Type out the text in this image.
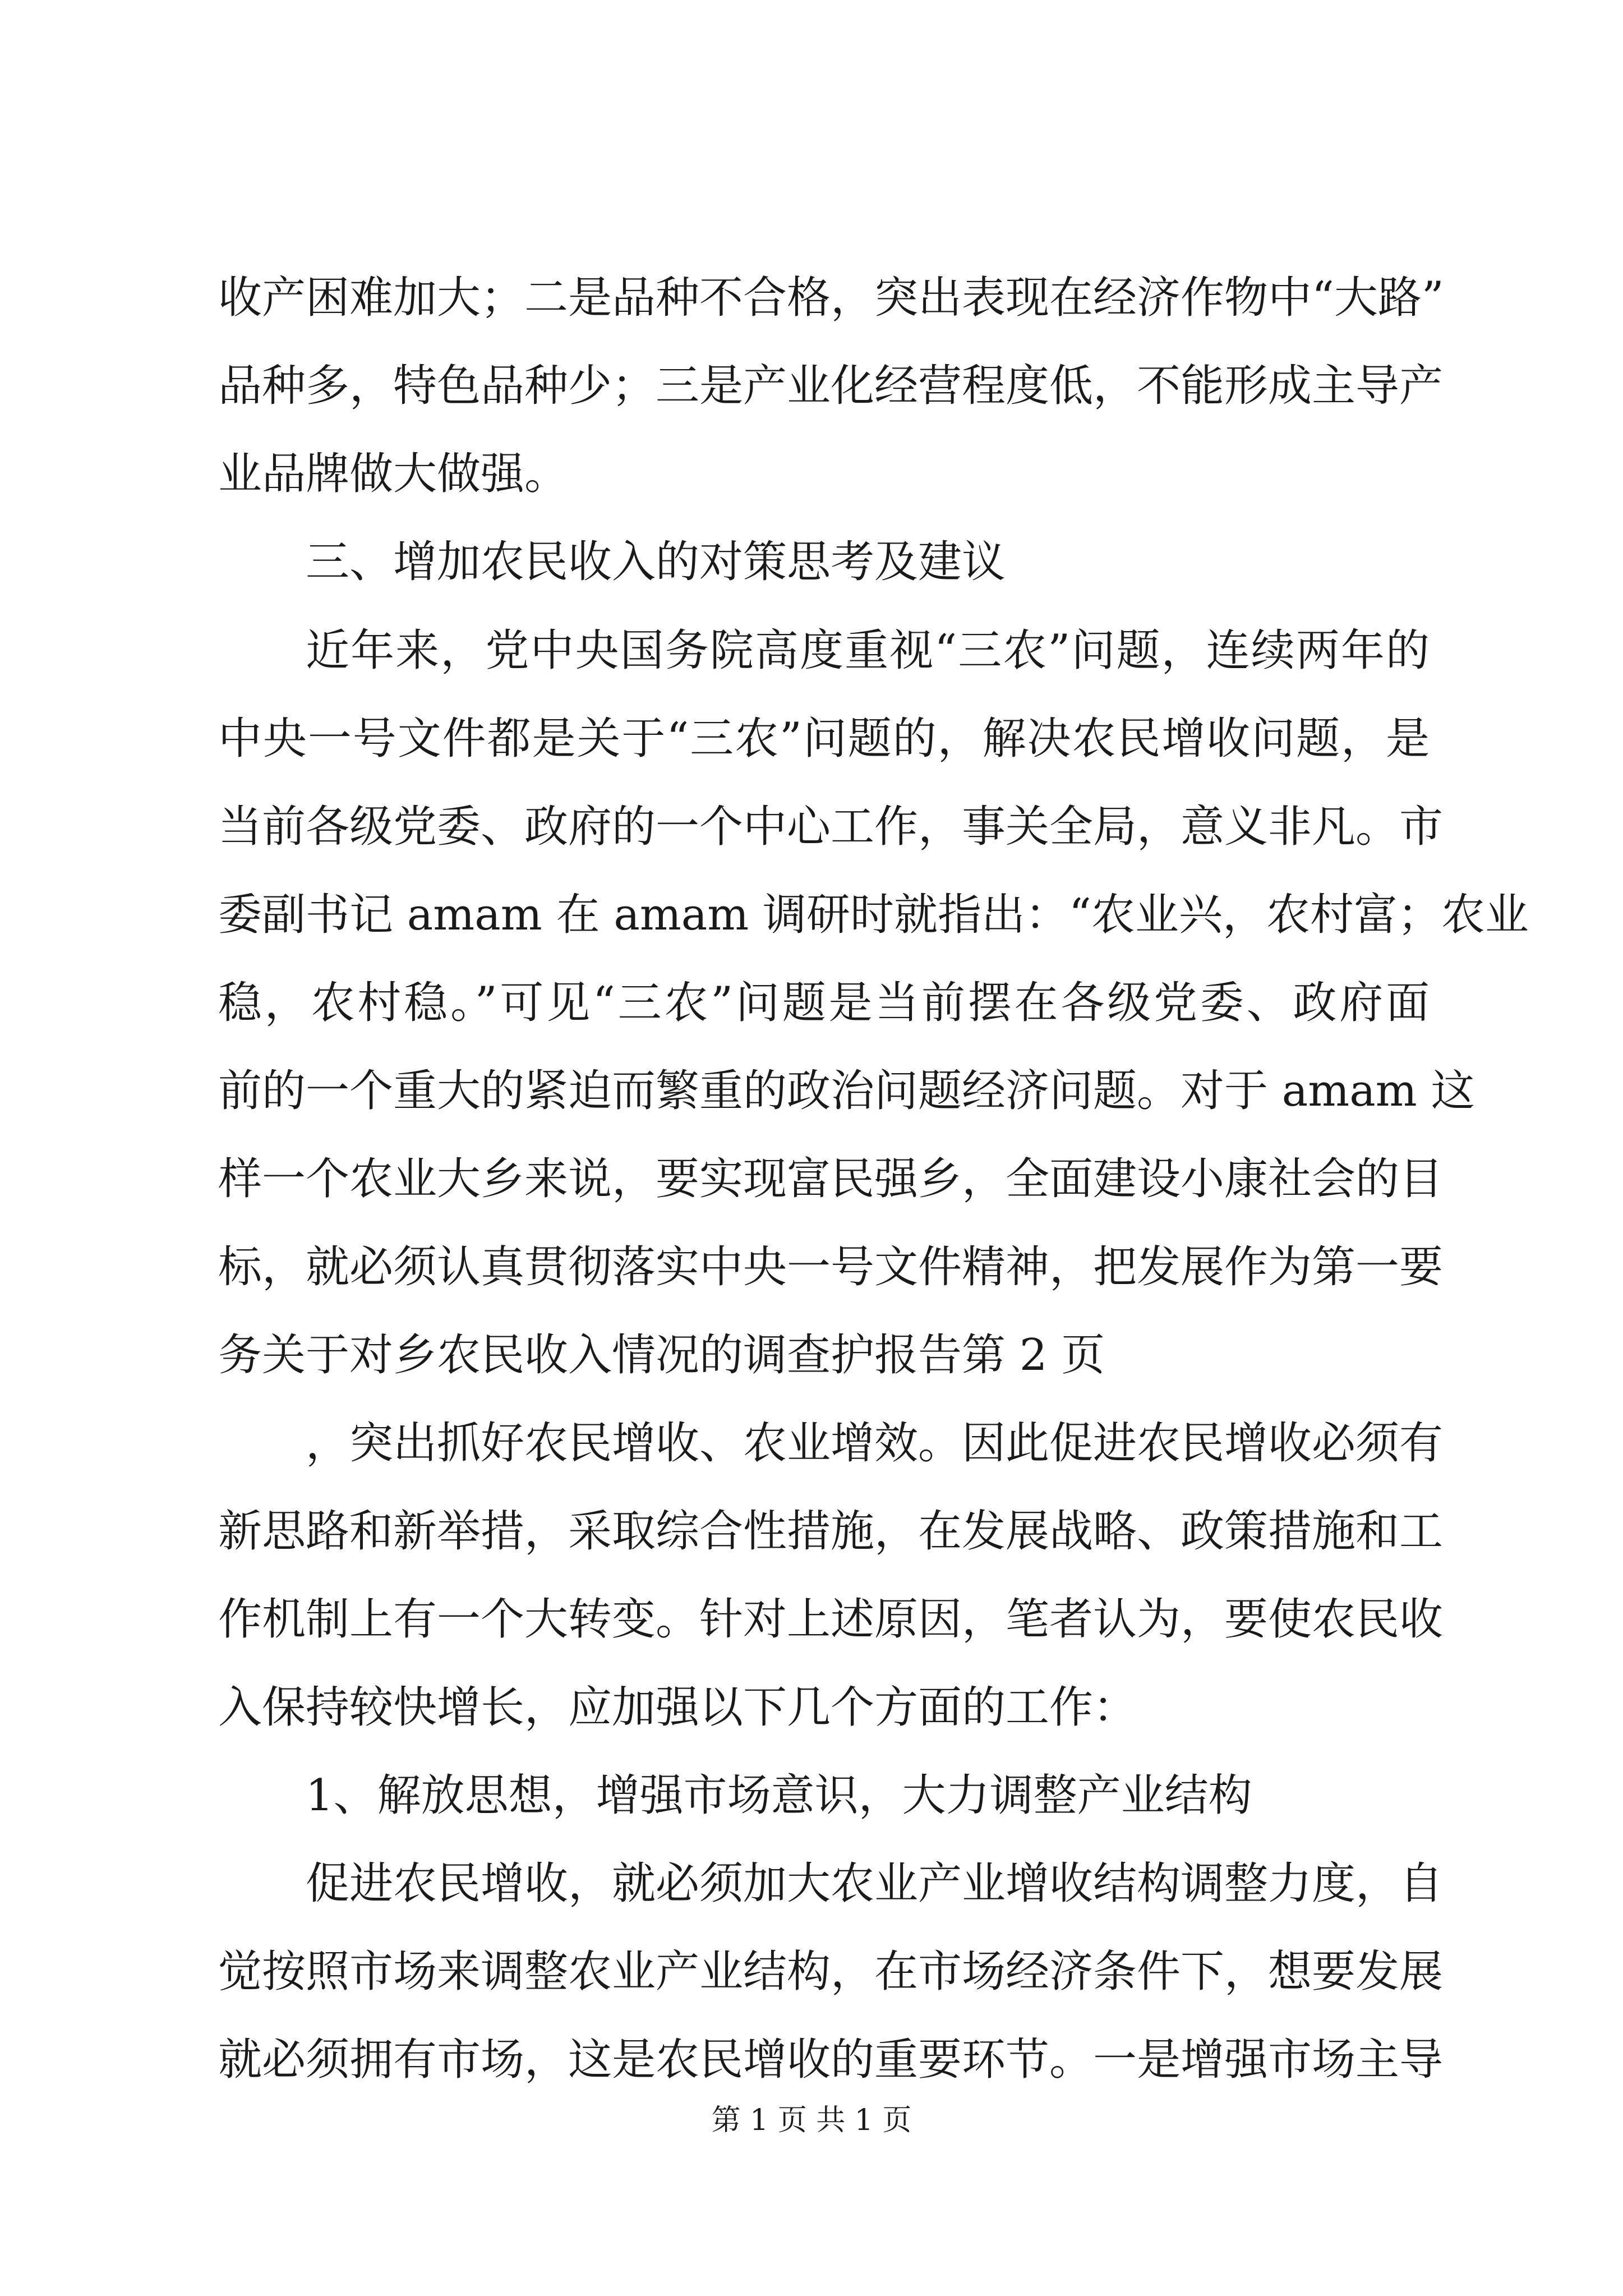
收产困难加大；二是品种不合格，突出表现在经济作物中“大路”
品种多，特色品种少；三是产业化经营程度低，不能形成主导产
业品牌做大做强。
三、增加农民收入的对策思考及建议
近年来，党中央国务院高度重视“三农”问题，连续两年的
中央一号文件都是关于“三农”问题的，解决农民增收问题，是
当前各级党委、政府的一个中心工作，事关全局，意义非凡。市
委副书记 amam 在 amam 调研时就指出：“农业兴，农村富；农业
稳，农村稳。”可见“三农”问题是当前摆在各级党委、政府面
前的一个重大的紧迫而繁重的政治问题经济问题。对于 amam 这
样一个农业大乡来说，要实现富民强乡，全面建设小康社会的目
标，就必须认真贯彻落实中央一号文件精神，把发展作为第一要
务关于对乡农民收入情况的调查护报告第 2 页
，突出抓好农民增收、农业增效。因此促进农民增收必须有
新思路和新举措，采取综合性措施，在发展战略、政策措施和工
作机制上有一个大转变。针对上述原因，笔者认为，要使农民收
入保持较快增长，应加强以下几个方面的工作：
1、解放思想，增强市场意识，大力调整产业结构
促进农民增收，就必须加大农业产业增收结构调整力度，自
觉按照市场来调整农业产业结构，在市场经济条件下，想要发展
就必须拥有市场，这是农民增收的重要环节。一是增强市场主导
第 1 页 共 1 页
